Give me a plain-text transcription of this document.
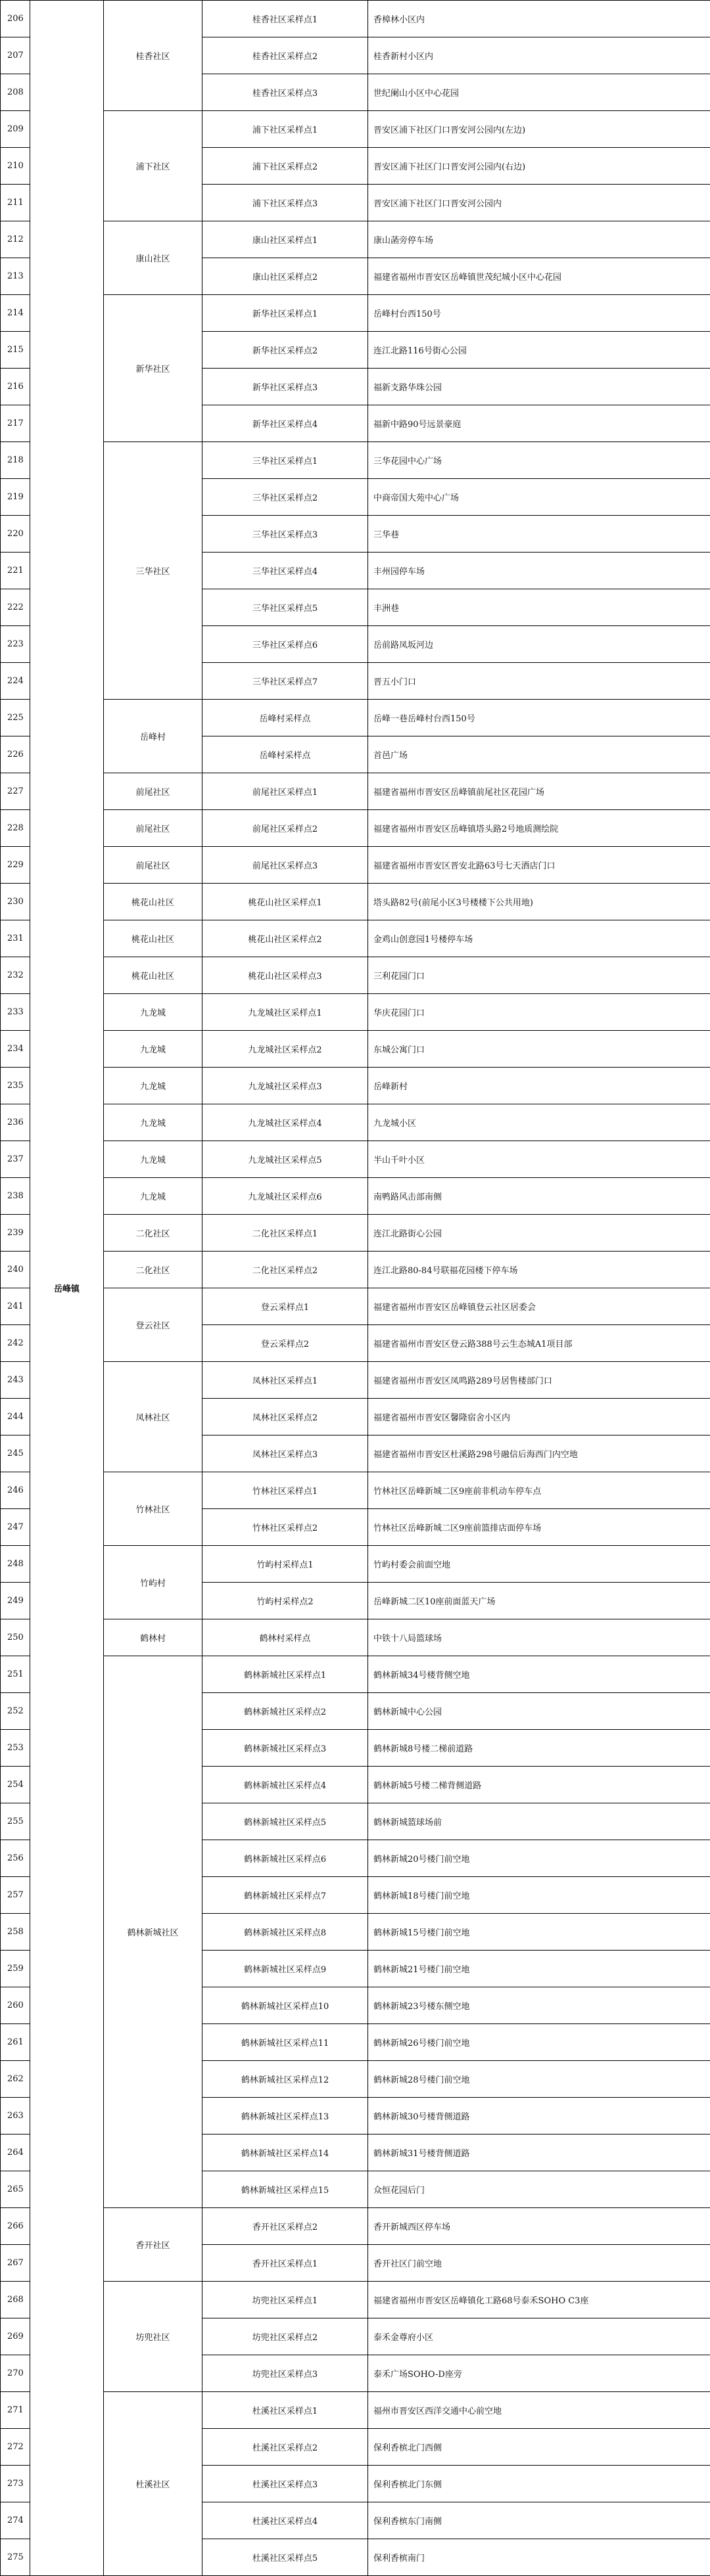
206	岳峰镇	桂香社区	桂香社区采样点1	香樟林小区内
207			桂香社区采样点2	桂香新村小区内
208			桂香社区采样点3	世纪阑山小区中心花园
209		浦下社区	浦下社区采样点1	晋安区浦下社区门口晋安河公园内(左边)
210			浦下社区采样点2	晋安区浦下社区门口晋安河公园内(右边)
211			浦下社区采样点3	晋安区浦下社区门口晋安河公园内
212		康山社区	康山社区采样点1	康山菡旁停车场
213			康山社区采样点2	福建省福州市晋安区岳峰镇世茂纪城小区中心花园
214		新华社区	新华社区采样点1	岳峰村台西150号
215			新华社区采样点2	连江北路116号街心公园
216			新华社区采样点3	福新支路华珠公园
217			新华社区采样点4	福新中路90号远景豪庭
218		三华社区	三华社区采样点1	三华花园中心广场
219			三华社区采样点2	中商帝国大苑中心广场
220			三华社区采样点3	三华巷
221			三华社区采样点4	丰州园停车场
222			三华社区采样点5	丰洲巷
223			三华社区采样点6	岳前路凤坂河边
224			三华社区采样点7	晋五小门口
225		岳峰村	岳峰村采样点	岳峰一巷岳峰村台西150号
226			岳峰村采样点	首邑广场
227		前尾社区	前尾社区采样点1	福建省福州市晋安区岳峰镇前尾社区花园广场
228		前尾社区	前尾社区采样点2	福建省福州市晋安区岳峰镇塔头路2号地质测绘院
229		前尾社区	前尾社区采样点3	福建省福州市晋安区晋安北路63号七天酒店门口
230		桃花山社区	桃花山社区采样点1	塔头路82号(前尾小区3号楼楼下公共用地)
231		桃花山社区	桃花山社区采样点2	金鸡山创意园1号楼停车场
232		桃花山社区	桃花山社区采样点3	三利花园门口
233		九龙城	九龙城社区采样点1	华庆花园门口
234		九龙城	九龙城社区采样点2	东城公寓门口
235		九龙城	九龙城社区采样点3	岳峰新村
236		九龙城	九龙城社区采样点4	九龙城小区
237		九龙城	九龙城社区采样点5	半山千叶小区
238		九龙城	九龙城社区采样点6	南鸭路风击部南侧
239		二化社区	二化社区采样点1	连江北路街心公园
240		二化社区	二化社区采样点2	连江北路80-84号联福花园楼下停车场
241		登云社区	登云采样点1	福建省福州市晋安区岳峰镇登云社区居委会
242			登云采样点2	福建省福州市晋安区登云路388号云生态城A1项目部
243		凤林社区	凤林社区采样点1	福建省福州市晋安区凤鸣路289号居售楼部门口
244			凤林社区采样点2	福建省福州市晋安区馨隆宿舍小区内
245			凤林社区采样点3	福建省福州市晋安区杜溪路298号融信后海西门内空地
246		竹林社区	竹林社区采样点1	竹林社区岳峰新城二区9座前非机动车停车点
247			竹林社区采样点2	竹林社区岳峰新城二区9座前篮排店面停车场
248		竹屿村	竹屿村采样点1	竹屿村委会前面空地
249			竹屿村采样点2	岳峰新城二区10座前面蓝天广场
250		鹤林村	鹤林村采样点	中铁十八局篮球场
251		鹤林新城社区	鹤林新城社区采样点1	鹤林新城34号楼背侧空地
252			鹤林新城社区采样点2	鹤林新城中心公园
253			鹤林新城社区采样点3	鹤林新城8号楼二梯前道路
254			鹤林新城社区采样点4	鹤林新城5号楼二梯背侧道路
255			鹤林新城社区采样点5	鹤林新城篮球场前
256			鹤林新城社区采样点6	鹤林新城20号楼门前空地
257			鹤林新城社区采样点7	鹤林新城18号楼门前空地
258			鹤林新城社区采样点8	鹤林新城15号楼门前空地
259			鹤林新城社区采样点9	鹤林新城21号楼门前空地
260			鹤林新城社区采样点10	鹤林新城23号楼东侧空地
261			鹤林新城社区采样点11	鹤林新城26号楼门前空地
262			鹤林新城社区采样点12	鹤林新城28号楼门前空地
263			鹤林新城社区采样点13	鹤林新城30号楼背侧道路
264			鹤林新城社区采样点14	鹤林新城31号楼背侧道路
265			鹤林新城社区采样点15	众恒花园后门
266		香开社区	香开社区采样点2	香开新城西区停车场
267			香开社区采样点1	香开社区门前空地
268		坊兜社区	坊兜社区采样点1	福建省福州市晋安区岳峰镇化工路68号泰禾SOHO C3座
269			坊兜社区采样点2	泰禾金尊府小区
270			坊兜社区采样点3	泰禾广场SOHO-D座旁
271		杜溪社区	杜溪社区采样点1	福州市晋安区西洋交通中心前空地
272			杜溪社区采样点2	保利香槟北门西侧
273			杜溪社区采样点3	保利香槟北门东侧
274			杜溪社区采样点4	保利香槟东门南侧
275			杜溪社区采样点5	保利香槟南门
